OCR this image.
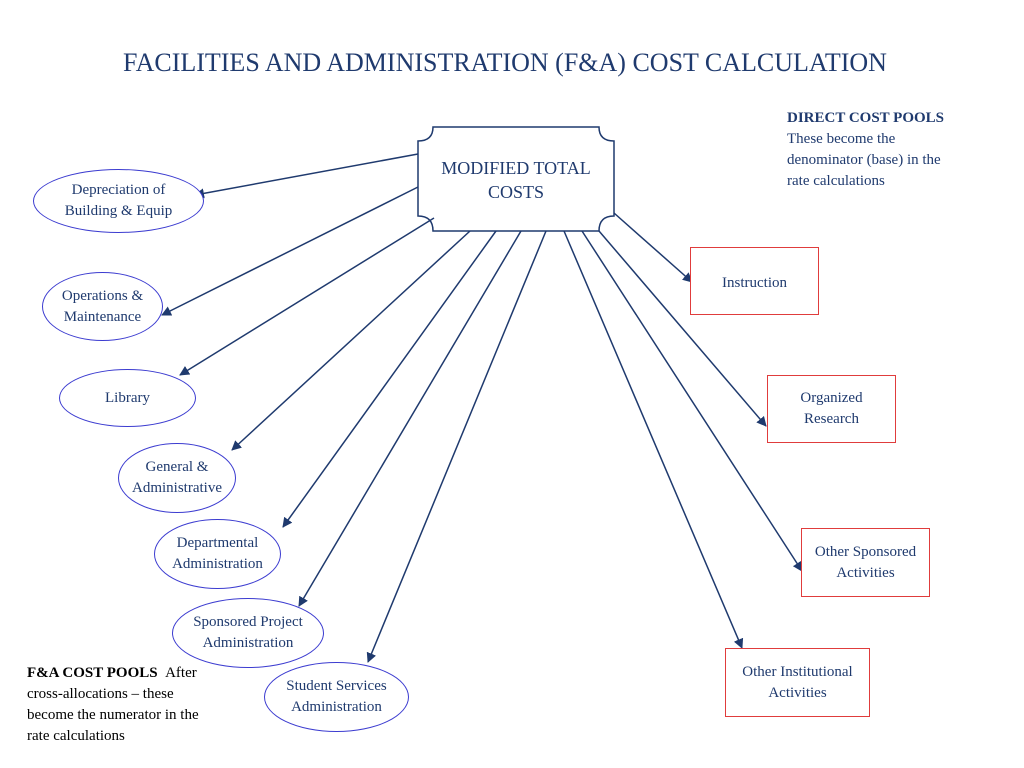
FACILITIES AND ADMINISTRATION (F&A) COST CALCULATION
MODIFIED TOTAL
COSTS
Depreciation of
Building & Equip
Operations &
Maintenance
Library
General &
Administrative
Departmental
Administration
Sponsored Project
Administration
Student Services
Administration
Instruction
Organized
Research
Other Sponsored
Activities
Other Institutional
Activities
DIRECT COST POOLS
These become the
denominator (base) in the
rate calculations
F&A COST POOLS After
cross-allocations – these
become the numerator in the
rate calculations
